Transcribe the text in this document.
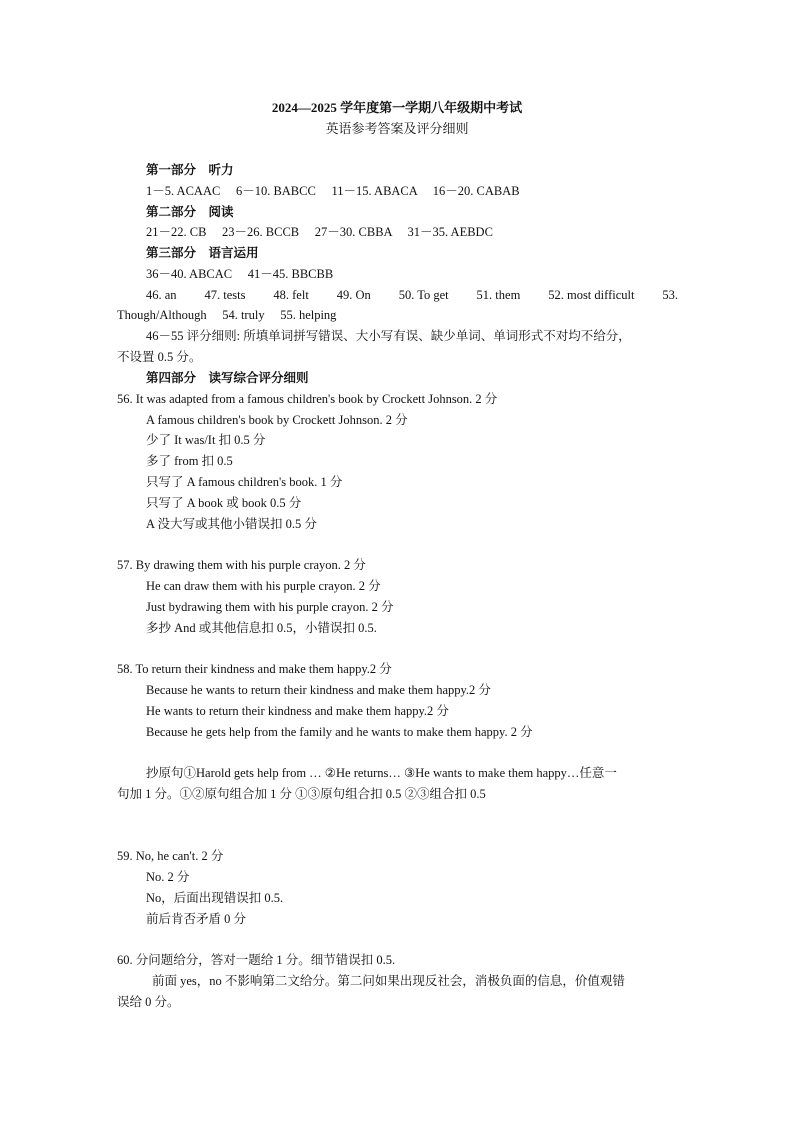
2024—2025 学年度第一学期八年级期中考试
英语参考答案及评分细则
第一部分　听力
1－5. ACAAC　 6－10. BABCC　 11－15. ABACA　 16－20. CABAB
第二部分　阅读
21－22. CB　 23－26. BCCB　 27－30. CBBA　 31－35. AEBDC
第三部分　语言运用
36－40. ABCAC　 41－45. BBCBB
46. an 47. tests 48. felt 49. On 50. To get 51. them 52. most difficult 53.
Though/Although　 54. truly　 55. helping
46－55 评分细则: 所填单词拼写错误、大小写有误、缺少单词、单词形式不对均不给分，
不设置 0.5 分。
第四部分　读写综合评分细则
56. It was adapted from a famous children's book by Crockett Johnson. 2 分
A famous children's book by Crockett Johnson. 2 分
少了 It was/It 扣 0.5 分
多了 from 扣 0.5
只写了 A famous children's book. 1 分
只写了 A book 或 book 0.5 分
A 没大写或其他小错误扣 0.5 分
57. By drawing them with his purple crayon. 2 分
He can draw them with his purple crayon. 2 分
Just bydrawing them with his purple crayon. 2 分
多抄 And 或其他信息扣 0.5，小错误扣 0.5.
58. To return their kindness and make them happy.2 分
Because he wants to return their kindness and make them happy.2 分
He wants to return their kindness and make them happy.2 分
Because he gets help from the family and he wants to make them happy. 2 分
抄原句①Harold gets help from … ②He returns… ③He wants to make them happy…任意一
句加 1 分。①②原句组合加 1 分 ①③原句组合扣 0.5 ②③组合扣 0.5
59. No, he can't. 2 分
No. 2 分
No，后面出现错误扣 0.5.
前后肯否矛盾 0 分
60. 分问题给分，答对一题给 1 分。细节错误扣 0.5.
前面 yes，no 不影响第二文给分。第二问如果出现反社会，消极负面的信息，价值观错
误给 0 分。
